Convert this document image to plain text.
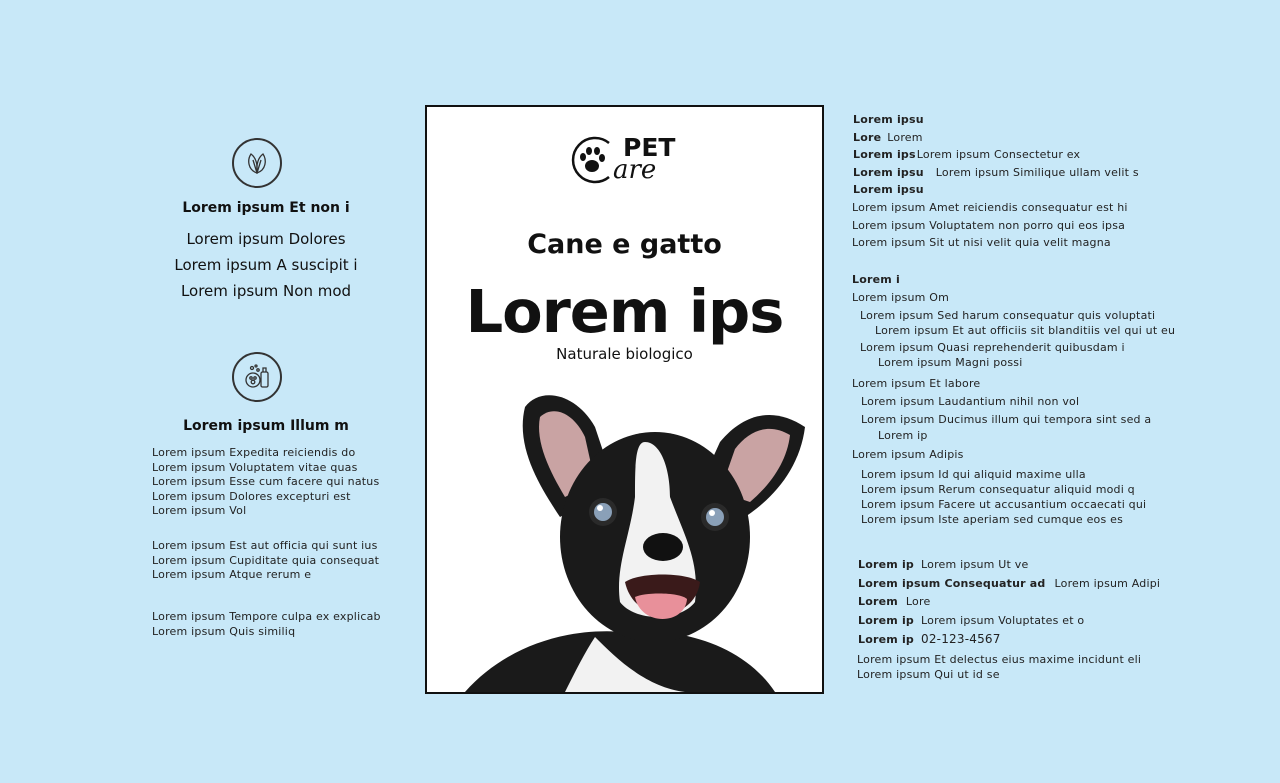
Lorem ipsum Et non i
Lorem ipsum Dolores
Lorem ipsum A suscipit i
Lorem ipsum Non mod
Lorem ipsum Illum m
Lorem ipsum Expedita reiciendis do
Lorem ipsum Voluptatem vitae quas
Lorem ipsum Esse cum facere qui natus
Lorem ipsum Dolores excepturi est
Lorem ipsum Vol
Lorem ipsum Est aut officia qui sunt ius
Lorem ipsum Cupiditate quia consequat
Lorem ipsum Atque rerum e
Lorem ipsum Tempore culpa ex explicab
Lorem ipsum Quis similiq
PET
are
Cane e gatto
Lorem ips
Naturale biologico
Lorem ipsu
Lore Lorem
Lorem ipsLorem ipsum Consectetur ex
Lorem ipsu Lorem ipsum Similique ullam velit s
Lorem ipsu
Lorem ipsum Amet reiciendis consequatur est hi
Lorem ipsum Voluptatem non porro qui eos ipsa
Lorem ipsum Sit ut nisi velit quia velit magna
Lorem i
Lorem ipsum Om
Lorem ipsum Sed harum consequatur quis voluptati
Lorem ipsum Et aut officiis sit blanditiis vel qui ut eu
Lorem ipsum Quasi reprehenderit quibusdam i
Lorem ipsum Magni possi
Lorem ipsum Et labore
Lorem ipsum Laudantium nihil non vol
Lorem ipsum Ducimus illum qui tempora sint sed a
Lorem ip
Lorem ipsum Adipis
Lorem ipsum Id qui aliquid maxime ulla
Lorem ipsum Rerum consequatur aliquid modi q
Lorem ipsum Facere ut accusantium occaecati qui
Lorem ipsum Iste aperiam sed cumque eos es
Lorem ip Lorem ipsum Ut ve
Lorem ipsum Consequatur ad Lorem ipsum Adipi
Lorem Lore
Lorem ip Lorem ipsum Voluptates et o
Lorem ip 02-123-4567
Lorem ipsum Et delectus eius maxime incidunt eli
Lorem ipsum Qui ut id se
